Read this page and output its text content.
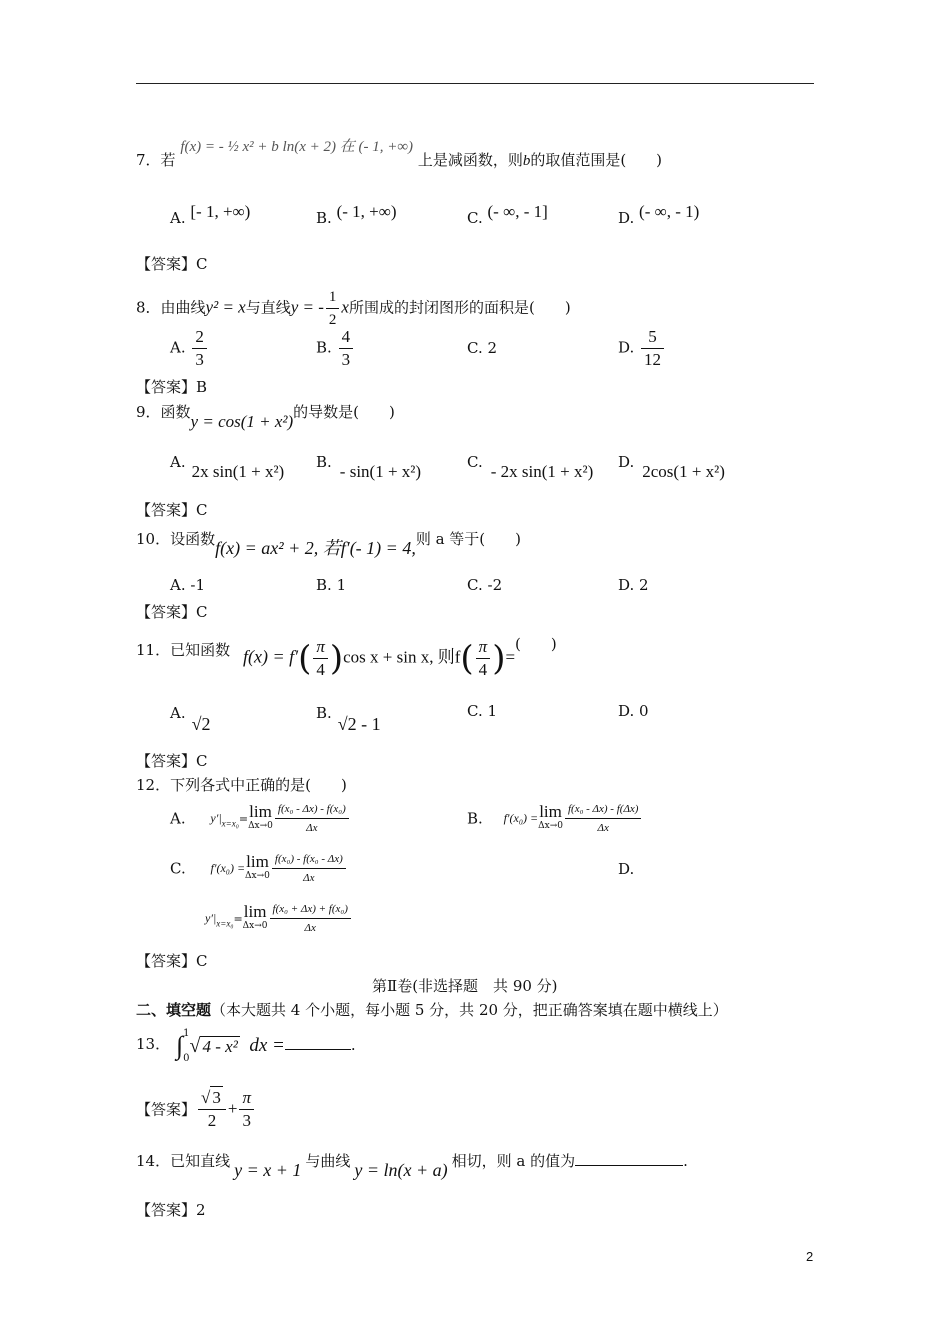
7．若 f(x) = - ½ x² + b ln(x + 2) 在 (- 1, +∞) 上是减函数，则b的取值范围是(　　)
A. [- 1, +∞)	B. (- 1, +∞)	C. (- ∞, - 1]	D. (- ∞, - 1)
【答案】C
8．由曲线y² = x与直线y = - $\frac{1}{2}$ x所围成的封闭图形的面积是(　　)
A. $\frac{2}{3}$	B. $\frac{4}{3}$	C. 2	D. $\frac{5}{12}$
【答案】B
9．函数y = cos(1 + x²)的导数是(　　)
A. 2x sin(1 + x²) B. - sin(1 + x²)	C. - 2x sin(1 + x²) D. 2cos(1 + x²)
【答案】C
10．设函数f(x) = ax² + 2, 若f′(- 1) = 4,则 a 等于(　　)
A. -1	B. 1	C. -2	D. 2
【答案】C
11．已知函数 $f(x) = f'( \frac{\pi}{4} )\cos$ x + sin x, 则$f( \frac{\pi}{4}$ )=(　　)
A.√2
B.√2 - 1
C. 1	D. 0
【答案】C
12．下列各式中正确的是(　　)
A. $y'|_{x=x_0}= \lim$
$\Delta x\to 0 \frac{\text{f(x₀ - Δx) - f(x₀)}}{\Delta x}$	B. f′(x₀) = lim
$\Delta x\to 0 \frac{\text{f(x₀ - Δx) - f(Δx)}}{\Delta x}$
C. f′(x₀) = lim
$\Delta x\to 0 \frac{\text{f(x₀) - f(x₀ - Δx)}}{\Delta x}$	D.
$y'|_{x=x_0}= \lim$
$\Delta x\to 0 \frac{\text{f(x₀ + Δx) + f(x₀)}}{\Delta x}$
【答案】C
第Ⅱ卷(非选择题　共 90 分)
二、填空题（本大题共 4 个小题，每小题 5 分，共 20 分，把正确答案填在题中横线上）
13． ∫ 1
0
√ 4 - x² dx =	.
【答案】 $\frac{√ 3}{2} + \frac{\pi}{3}$
14．已知直线 y = x + 1 与曲线 y = ln(x + a) 相切，则 a 的值为	.
【答案】2
2
